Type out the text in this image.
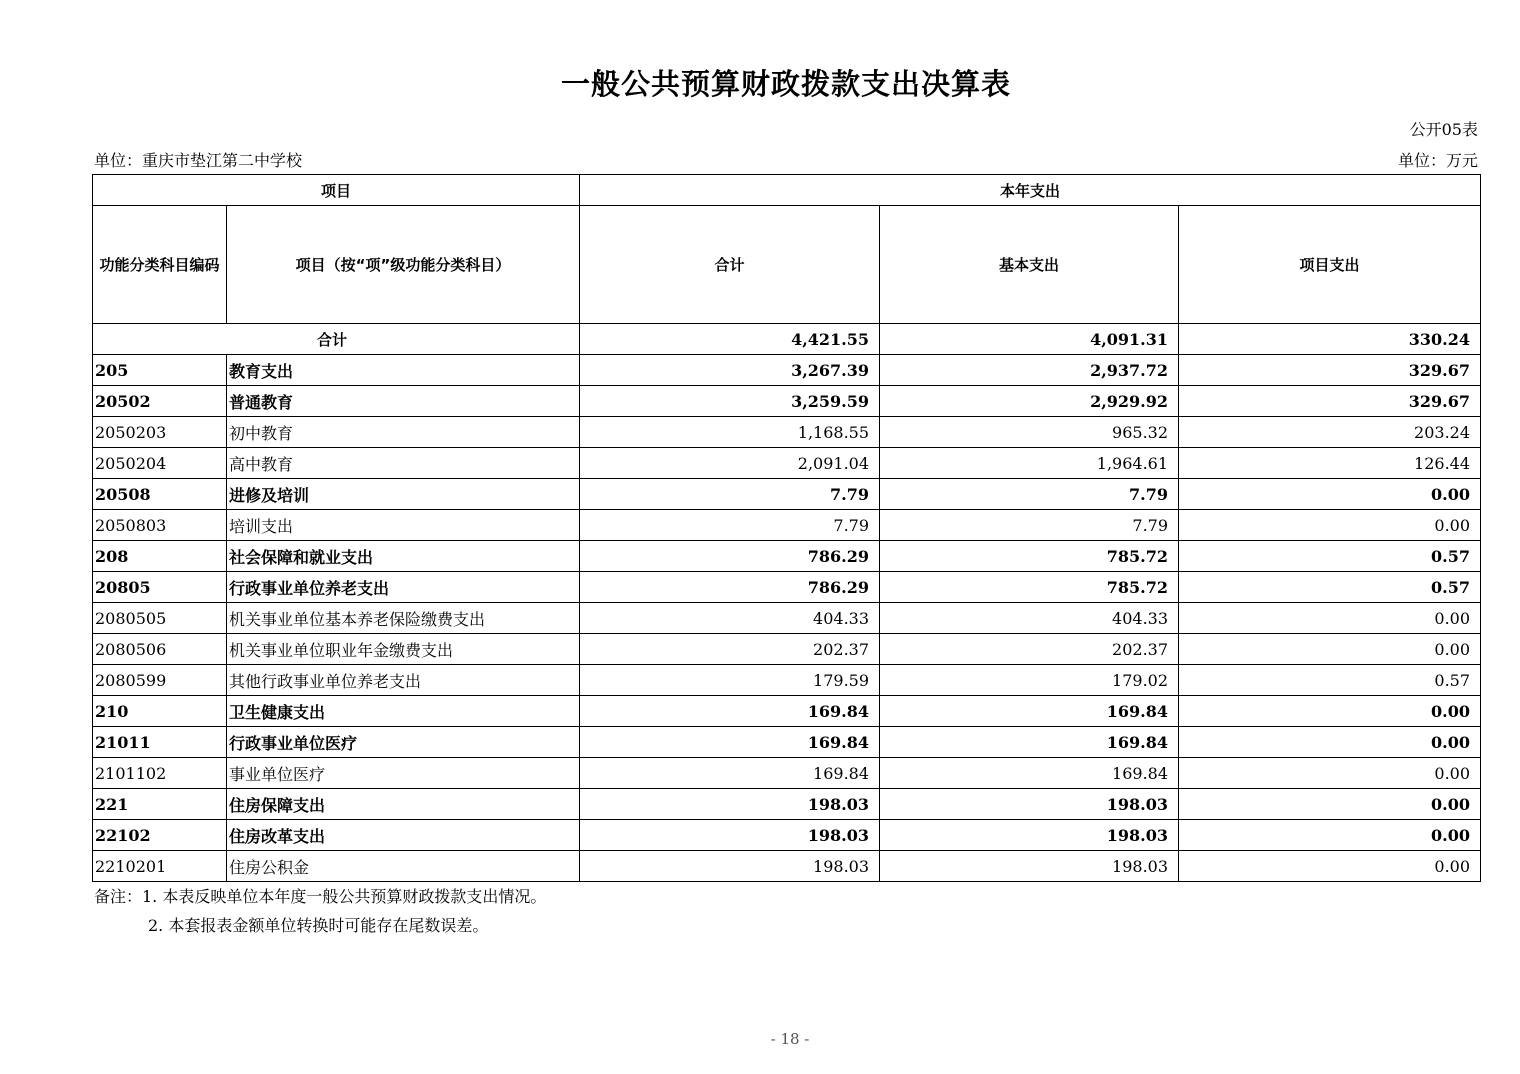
一般公共预算财政拨款支出决算表
公开05表
单位：重庆市垫江第二中学校	单位：万元
项目		本年支出		
功能分类科目编码	项目（按“项”级功能分类科目）	合计	基本支出	项目支出
合计		4,421.55	4,091.31	330.24
205	教育支出	3,267.39	2,937.72	329.67
20502	普通教育	3,259.59	2,929.92	329.67
2050203	初中教育	1,168.55	965.32	203.24
2050204	高中教育	2,091.04	1,964.61	126.44
20508	进修及培训	7.79	7.79	0.00
2050803	培训支出	7.79	7.79	0.00
208	社会保障和就业支出	786.29	785.72	0.57
20805	行政事业单位养老支出	786.29	785.72	0.57
2080505	机关事业单位基本养老保险缴费支出	404.33	404.33	0.00
2080506	机关事业单位职业年金缴费支出	202.37	202.37	0.00
2080599	其他行政事业单位养老支出	179.59	179.02	0.57
210	卫生健康支出	169.84	169.84	0.00
21011	行政事业单位医疗	169.84	169.84	0.00
2101102	事业单位医疗	169.84	169.84	0.00
221	住房保障支出	198.03	198.03	0.00
22102	住房改革支出	198.03	198.03	0.00
2210201	住房公积金	198.03	198.03	0.00
备注：1. 本表反映单位本年度一般公共预算财政拨款支出情况。
2. 本套报表金额单位转换时可能存在尾数误差。
- 18 -
